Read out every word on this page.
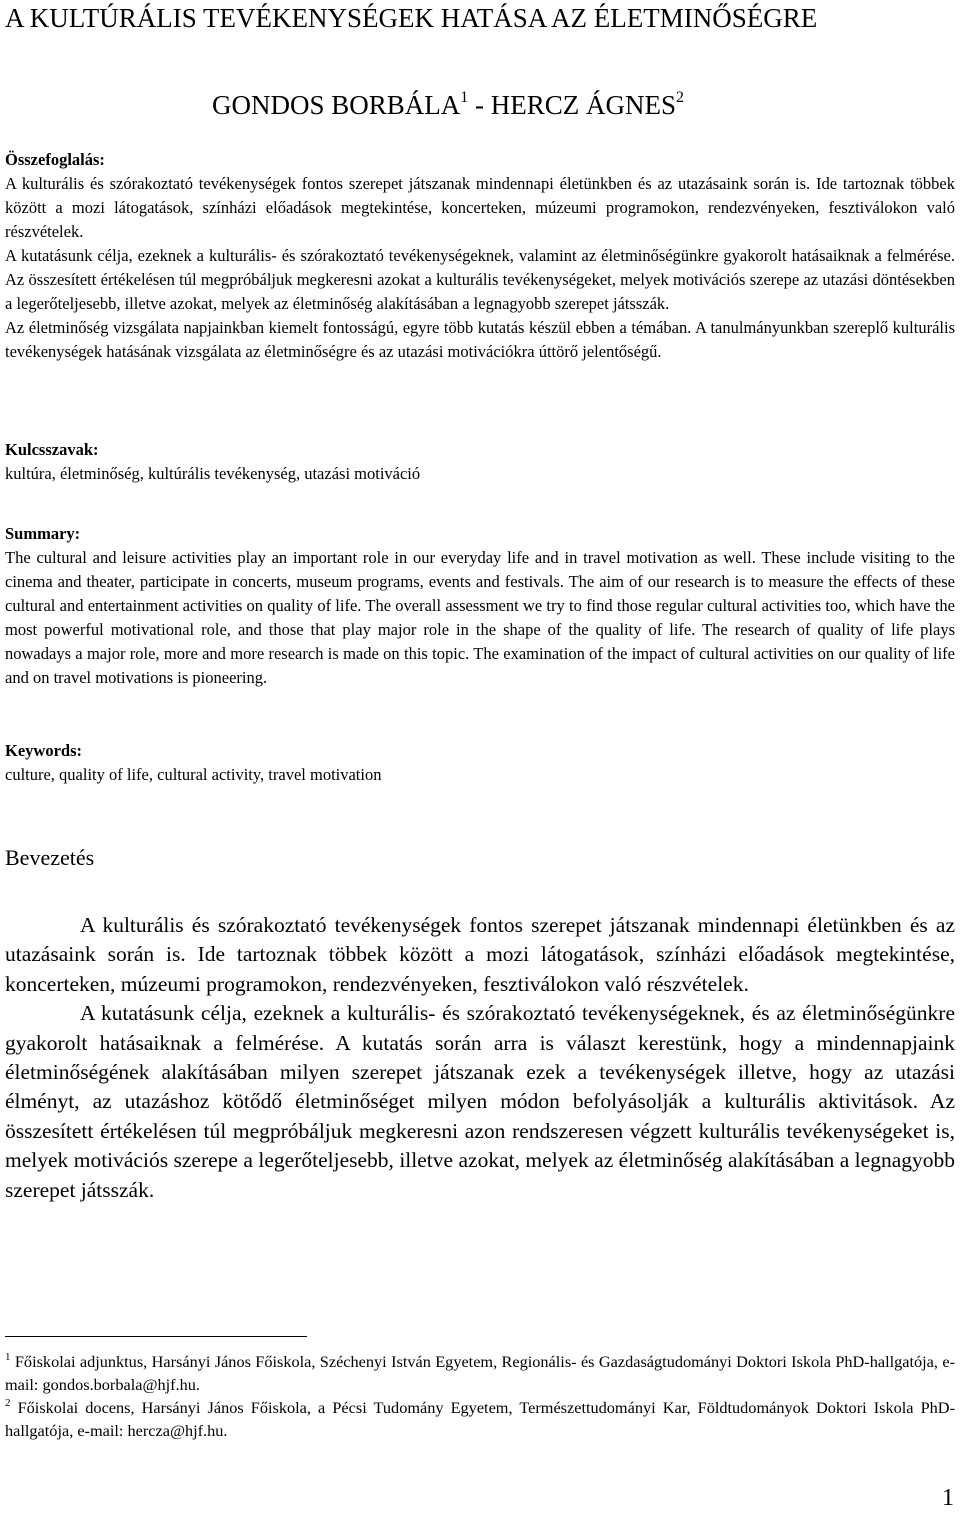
A KULTÚRÁLIS TEVÉKENYSÉGEK HATÁSA AZ ÉLETMINŐSÉGRE
GONDOS BORBÁLA$^1$ - HERCZ ÁGNES$^2$
Összefoglalás:

A kulturális és szórakoztató tevékenységek fontos szerepet játszanak mindennapi életünkben és az utazásaink során is. Ide tartoznak többek között a mozi látogatások, színházi előadások megtekintése, koncerteken, múzeumi programokon, rendezvényeken, fesztiválokon való részvételek.

A kutatásunk célja, ezeknek a kulturális- és szórakoztató tevékenységeknek, valamint az életminőségünkre gyakorolt hatásaiknak a felmérése. Az összesített értékelésen túl megpróbáljuk megkeresni azokat a kulturális tevékenységeket, melyek motivációs szerepe az utazási döntésekben a legerőteljesebb, illetve azokat, melyek az életminőség alakításában a legnagyobb szerepet játsszák.

Az életminőség vizsgálata napjainkban kiemelt fontosságú, egyre több kutatás készül ebben a témában. A tanulmányunkban szereplő kulturális tevékenységek hatásának vizsgálata az életminőségre és az utazási motivációkra úttörő jelentőségű.

Kulcsszavak:

kultúra, életminőség, kultúrális tevékenység, utazási motiváció

Summary:

The cultural and leisure activities play an important role in our everyday life and in travel motivation as well. These include visiting to the cinema and theater, participate in concerts, museum programs, events and festivals. The aim of our research is to measure the effects of these cultural and entertainment activities on quality of life. The overall assessment we try to find those regular cultural activities too, which have the most powerful motivational role, and those that play major role in the shape of the quality of life. The research of quality of life plays nowadays a major role, more and more research is made on this topic. The examination of the impact of cultural activities on our quality of life and on travel motivations is pioneering.

Keywords:

culture, quality of life, cultural activity, travel motivation

Bevezetés

A kulturális és szórakoztató tevékenységek fontos szerepet játszanak mindennapi életünkben és az utazásaink során is. Ide tartoznak többek között a mozi látogatások, színházi előadások megtekintése, koncerteken, múzeumi programokon, rendezvényeken, fesztiválokon való részvételek.

A kutatásunk célja, ezeknek a kulturális- és szórakoztató tevékenységeknek, és az életminőségünkre gyakorolt hatásaiknak a felmérése. A kutatás során arra is választ kerestünk, hogy a mindennapjaink életminőségének alakításában milyen szerepet játszanak ezek a tevékenységek illetve, hogy az utazási élményt, az utazáshoz kötődő életminőséget milyen módon befolyásolják a kulturális aktivitások. Az összesített értékelésen túl megpróbáljuk megkeresni azon rendszeresen végzett kulturális tevékenységeket is, melyek motivációs szerepe a legerőteljesebb, illetve azokat, melyek az életminőség alakításában a legnagyobb szerepet játsszák.

$^1$ Főiskolai adjunktus, Harsányi János Főiskola, Széchenyi István Egyetem, Regionális- és Gazdaságtudományi Doktori Iskola PhD-hallgatója, e-mail: gondos.borbala@hjf.hu.

$^2$ Főiskolai docens, Harsányi János Főiskola, a Pécsi Tudomány Egyetem, Természettudományi Kar, Földtudományok Doktori Iskola PhD-hallgatója, e-mail: hercza@hjf.hu.

1
